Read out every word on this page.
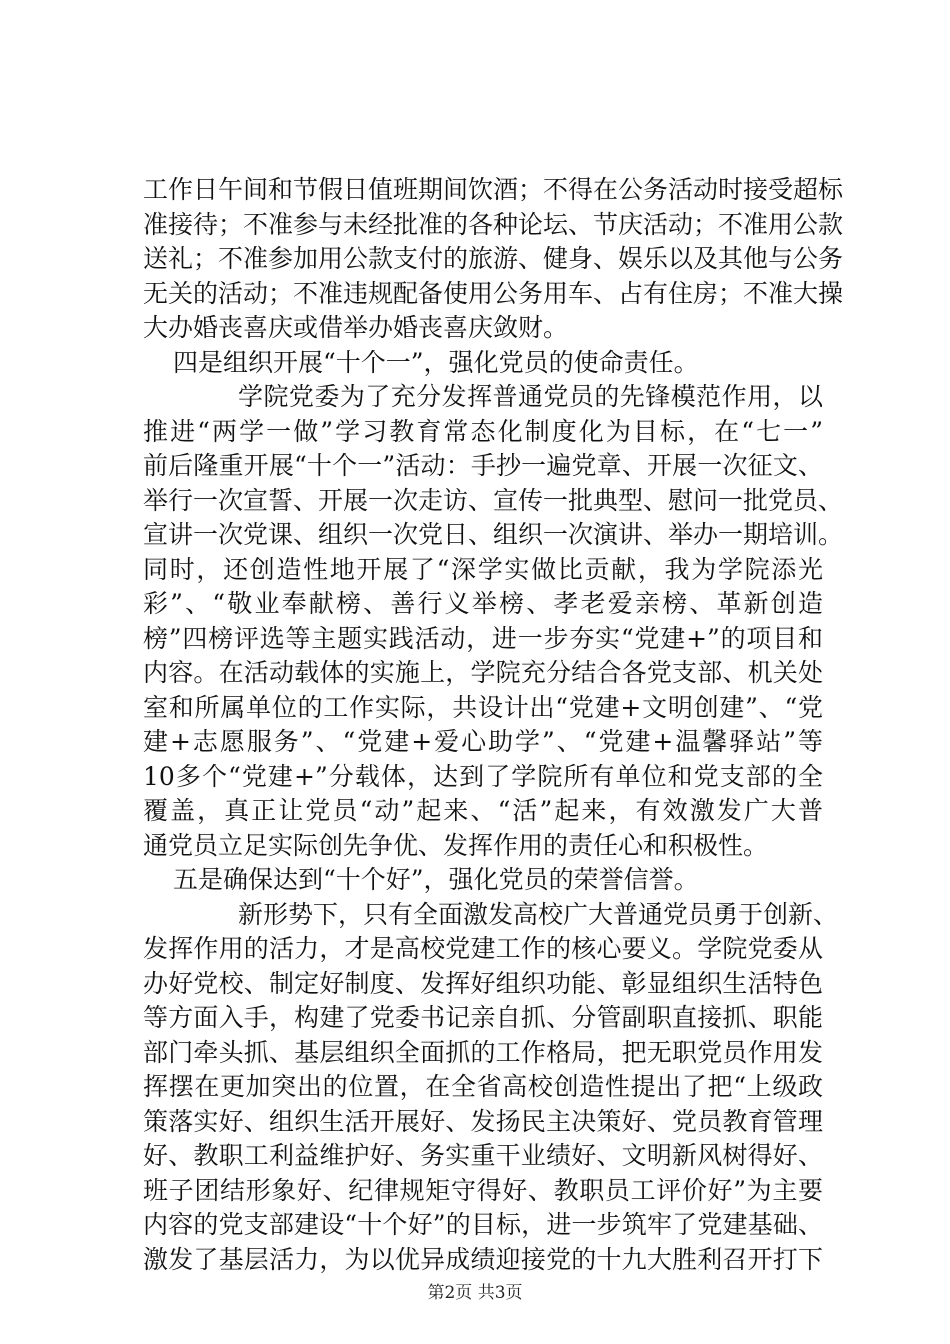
工作日午间和节假日值班期间饮酒；不得在公务活动时接受超标
准接待；不准参与未经批准的各种论坛、节庆活动；不准用公款
送礼；不准参加用公款支付的旅游、健身、娱乐以及其他与公务
无关的活动；不准违规配备使用公务用车、占有住房；不准大操
大办婚丧喜庆或借举办婚丧喜庆敛财。
四是组织开展“十个一”，强化党员的使命责任。
学院党委为了充分发挥普通党员的先锋模范作用，以
推进“两学一做”学习教育常态化制度化为目标，在“七一”
前后隆重开展“十个一”活动：手抄一遍党章、开展一次征文、
举行一次宣誓、开展一次走访、宣传一批典型、慰问一批党员、
宣讲一次党课、组织一次党日、组织一次演讲、举办一期培训。
同时，还创造性地开展了“深学实做比贡献，我为学院添光
彩”、“敬业奉献榜、善行义举榜、孝老爱亲榜、革新创造
榜”四榜评选等主题实践活动，进一步夯实“党建+”的项目和
内容。在活动载体的实施上，学院充分结合各党支部、机关处
室和所属单位的工作实际，共设计出“党建+文明创建”、“党
建+志愿服务”、“党建+爱心助学”、“党建+温馨驿站”等
10多个“党建+”分载体，达到了学院所有单位和党支部的全
覆盖，真正让党员“动”起来、“活”起来，有效激发广大普
通党员立足实际创先争优、发挥作用的责任心和积极性。
五是确保达到“十个好”，强化党员的荣誉信誉。
新形势下，只有全面激发高校广大普通党员勇于创新、
发挥作用的活力，才是高校党建工作的核心要义。学院党委从
办好党校、制定好制度、发挥好组织功能、彰显组织生活特色
等方面入手，构建了党委书记亲自抓、分管副职直接抓、职能
部门牵头抓、基层组织全面抓的工作格局，把无职党员作用发
挥摆在更加突出的位置，在全省高校创造性提出了把“上级政
策落实好、组织生活开展好、发扬民主决策好、党员教育管理
好、教职工利益维护好、务实重干业绩好、文明新风树得好、
班子团结形象好、纪律规矩守得好、教职员工评价好”为主要
内容的党支部建设“十个好”的目标，进一步筑牢了党建基础、
激发了基层活力，为以优异成绩迎接党的十九大胜利召开打下
第2页 共3页
